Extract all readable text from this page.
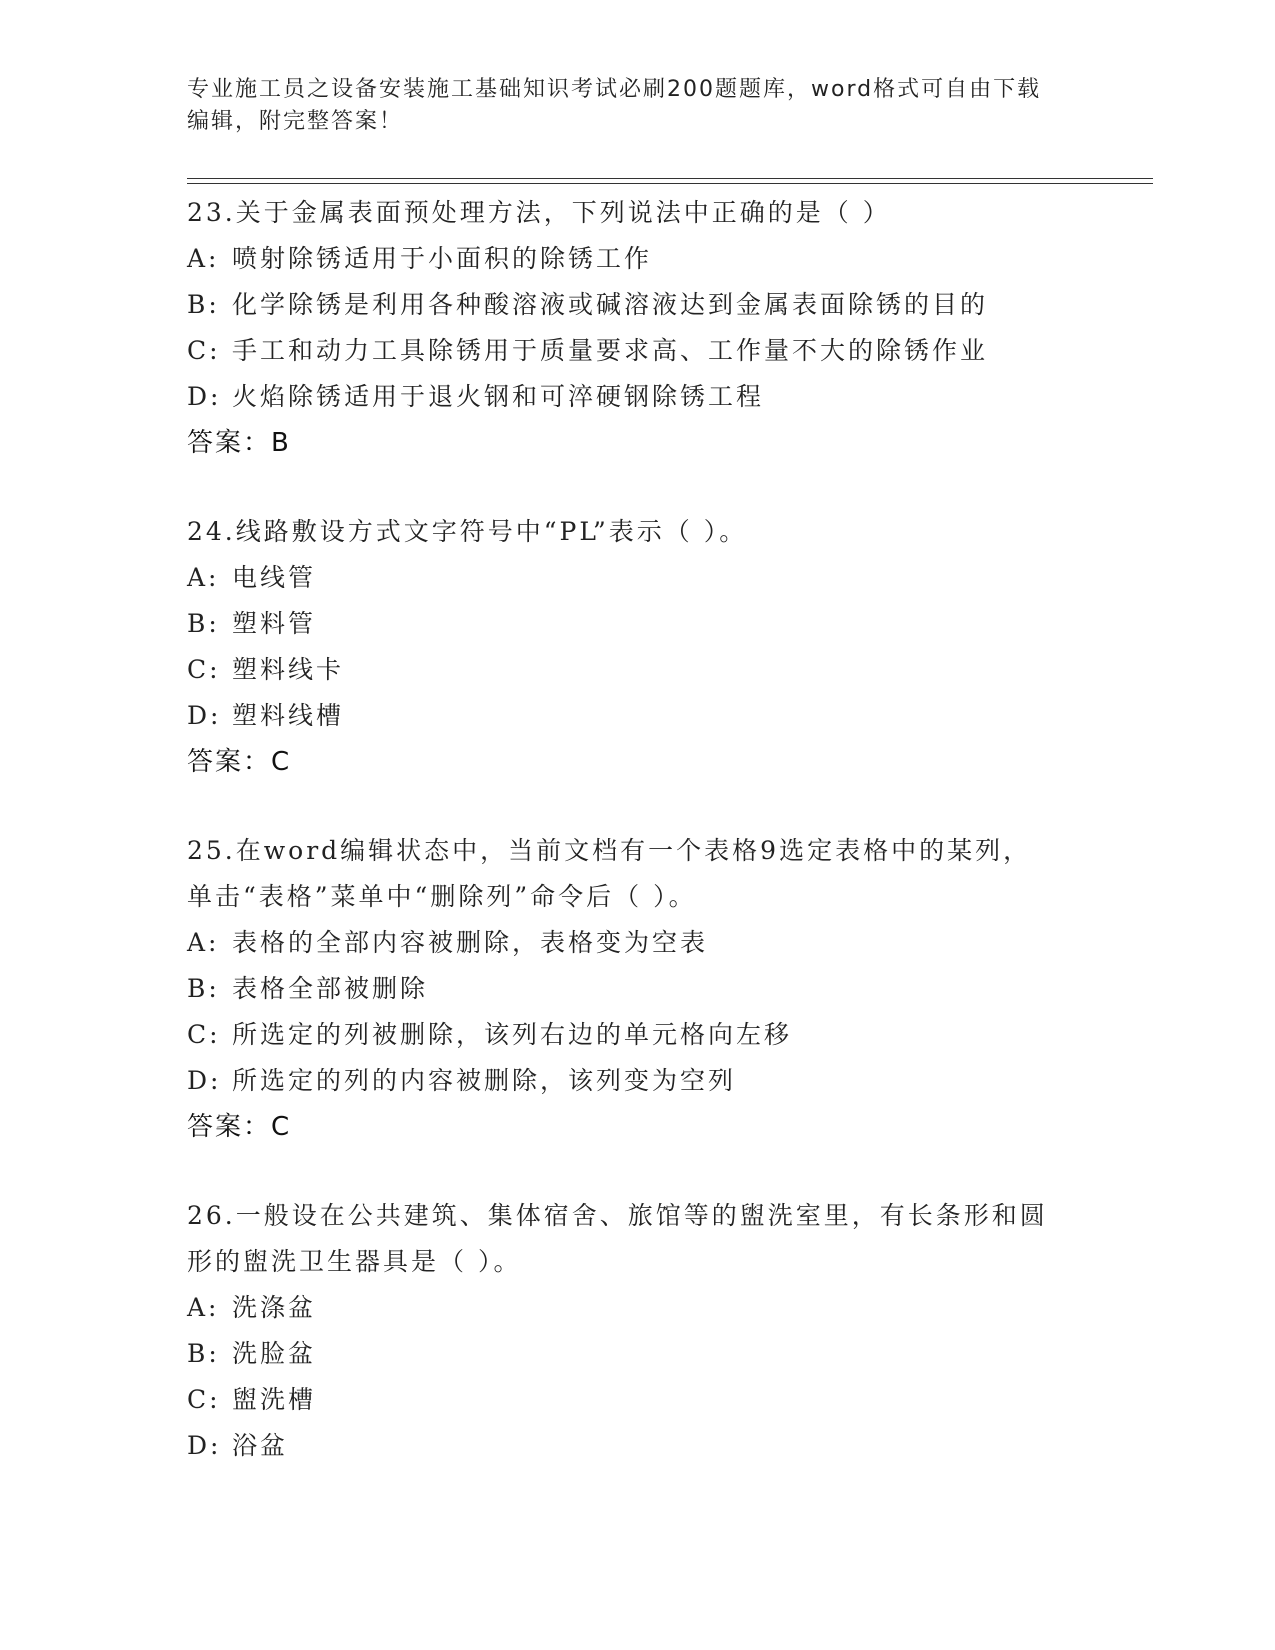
专业施工员之设备安装施工基础知识考试必刷200题题库，word格式可自由下载
编辑，附完整答案！
23.关于金属表面预处理方法，下列说法中正确的是（ ）
A: 喷射除锈适用于小面积的除锈工作
B: 化学除锈是利用各种酸溶液或碱溶液达到金属表面除锈的目的
C: 手工和动力工具除锈用于质量要求高、工作量不大的除锈作业
D: 火焰除锈适用于退火钢和可淬硬钢除锈工程
答案：B
24.线路敷设方式文字符号中“PL”表示（ ）。
A: 电线管
B: 塑料管
C: 塑料线卡
D: 塑料线槽
答案：C
25.在word编辑状态中，当前文档有一个表格9选定表格中的某列，
单击“表格”菜单中“删除列”命令后（ ）。
A: 表格的全部内容被删除，表格变为空表
B: 表格全部被删除
C: 所选定的列被删除，该列右边的单元格向左移
D: 所选定的列的内容被删除，该列变为空列
答案：C
26.一般设在公共建筑、集体宿舍、旅馆等的盥洗室里，有长条形和圆
形的盥洗卫生器具是（ ）。
A: 洗涤盆
B: 洗脸盆
C: 盥洗槽
D: 浴盆
